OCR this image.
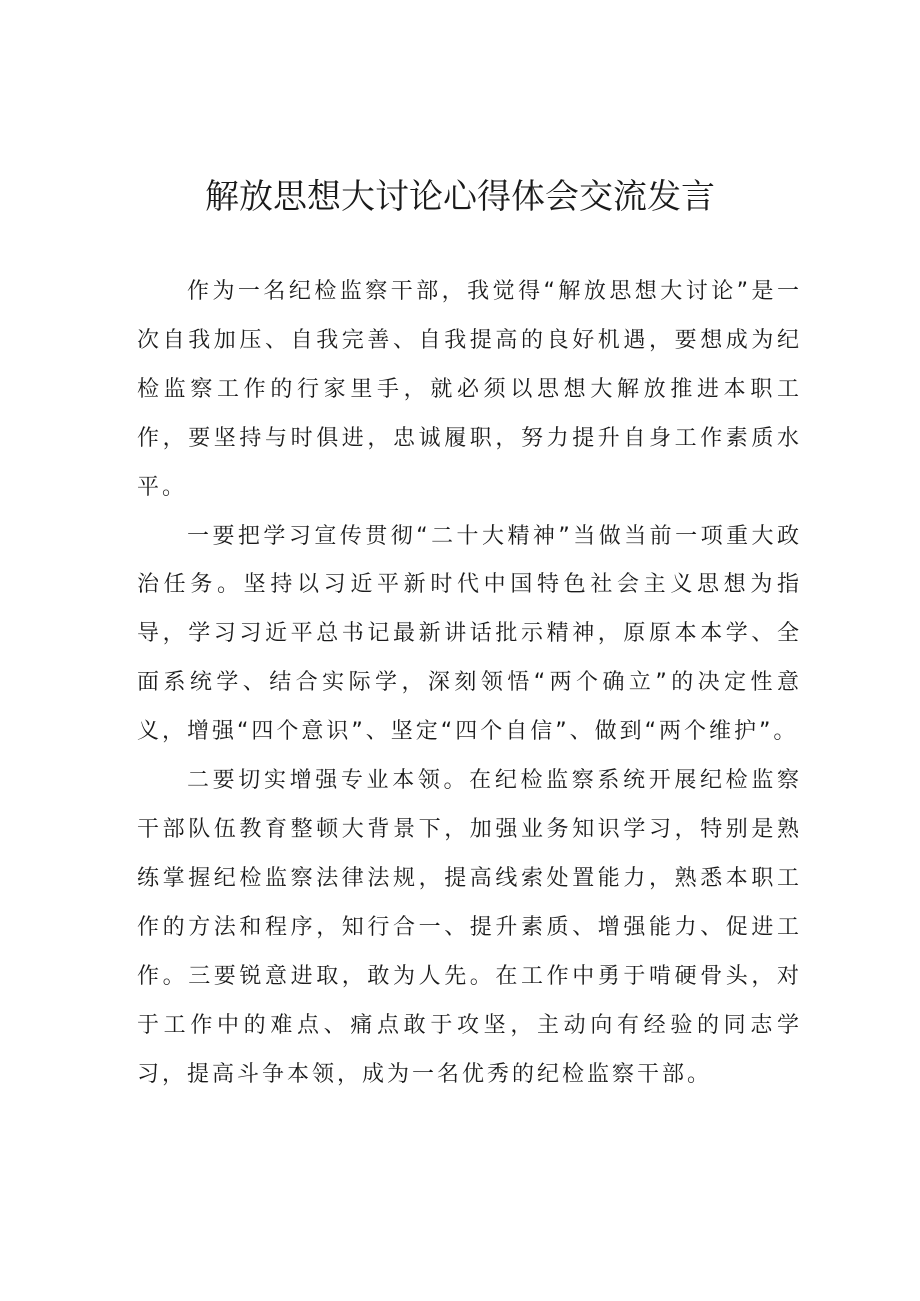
解放思想大讨论心得体会交流发言

作为一名纪检监察干部，我觉得“解放思想大讨论”是一次自我加压、自我完善、自我提高的良好机遇，要想成为纪检监察工作的行家里手，就必须以思想大解放推进本职工作，要坚持与时俱进，忠诚履职，努力提升自身工作素质水平。

一要把学习宣传贯彻“二十大精神”当做当前一项重大政治任务。坚持以习近平新时代中国特色社会主义思想为指导，学习习近平总书记最新讲话批示精神，原原本本学、全面系统学、结合实际学，深刻领悟“两个确立”的决定性意义，增强“四个意识”、坚定“四个自信”、做到“两个维护”。

二要切实增强专业本领。在纪检监察系统开展纪检监察干部队伍教育整顿大背景下，加强业务知识学习，特别是熟练掌握纪检监察法律法规，提高线索处置能力，熟悉本职工作的方法和程序，知行合一、提升素质、增强能力、促进工作。三要锐意进取，敢为人先。在工作中勇于啃硬骨头，对于工作中的难点、痛点敢于攻坚，主动向有经验的同志学习，提高斗争本领，成为一名优秀的纪检监察干部。
